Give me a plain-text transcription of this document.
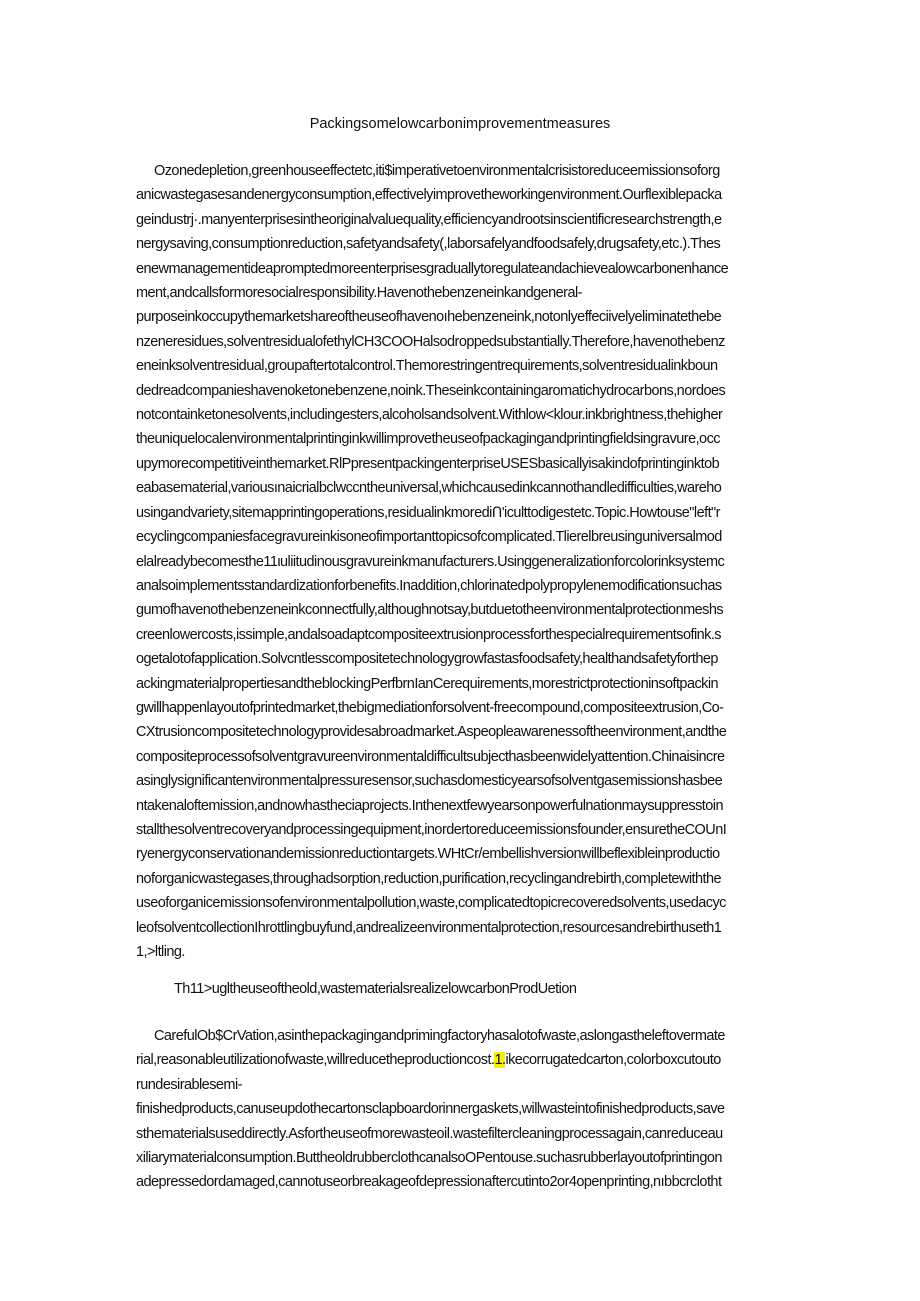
Packingsomelowcarbonimprovementmeasures
Ozonedepletion,greenhouseeffectetc,iti$imperativetoenvironmentalcrisistoreduceemissionsoforg
anicwastegasesandenergyconsumption,effectivelyimprovetheworkingenvironment.Ourflexiblepacka
geindustrj·.manyenterprisesintheoriginalvaluequality,efficiencyandrootsinscientificresearchstrength,e
nergysaving,consumptionreduction,safetyandsafety(,laborsafelyandfoodsafely,drugsafety,etc.).Thes
enewmanagementideapromptedmoreenterprisesgraduallytoregulateandachievealowcarbonenhance
ment,andcallsformoresocialresponsibility.Havenothebenzeneinkandgeneral-
purposeinkoccupythemarketshareoftheuseofhavenoıhebenzeneink,notonlyeffeciivelyeliminatethebe
nzeneresidues,solventresidualofethylCH3COOHalsodroppedsubstantially.Therefore,havenothebenz
eneinksolventresidual,groupaftertotalcontrol.Themorestringentrequirements,solventresidualinkboun
dedreadcompanieshavenoketonebenzene,noink.Theseinkcontainingaromatichydrocarbons,nordoes
notcontainketonesolvents,includingesters,alcoholsandsolvent.Withlow<klour.inkbrightness,thehigher
theuniquelocalenvironmentalprintinginkwillimprovetheuseofpackagingandprintingfieldsingravure,occ
upymorecompetitiveinthemarket.RlPpresentpackingenterpriseUSESbasicallyisakindofprintinginktob
eabasematerial,variousınaicrialbclwccntheuniversal,whichcausedinkcannothandledifficulties,wareho
usingandvariety,sitemapprintingoperations,residualinkmorediՈ'iculttodigestetc.Topic.Howtouse"left"r
ecyclingcompaniesfacegravureinkisoneofimportanttopicsofcomplicated.Tlierelbreusinguniversalmod
elalreadybecomesthe11ιuliitudinousgravureinkmanufacturers.Usinggeneralizationforcolorinksystemc
analsoimplementsstandardizationforbenefits.Inaddition,chlorinatedpolypropylenemodificationsuchas
gumofhavenothebenzeneinkconnectfully,althoughnotsay,butduetotheenvironmentalprotectionmeshs
creenlowercosts,issimple,andalsoadaptcompositeextrusionprocessforthespecialrequirementsofink.s
ogetalotofapplication.Solvcntlesscompositetechnologygrowfastasfoodsafety,healthandsafetyforthep
ackingmaterialpropertiesandtheblockingPerfbrnIanCerequirements,morestrictprotectioninsoftpackin
gwillhappenlayoutofprintedmarket,thebigmediationforsolvent-freecompound,compositeextrusion,Co-
CXtrusioncompositetechnologyprovidesabroadmarket.Aspeopleawarenessoftheenvironment,andthe
compositeprocessofsolventgravureenvironmentaldifficultsubjecthasbeenwidelyattention.Chinaisincre
asinglysignificantenvironmentalpressuresensor,suchasdomesticyearsofsolventgasemissionshasbee
ntakenaloftemission,andnowhastheciaprojects.Inthenextfewyearsonpowerfulnationmaysuppresstoin
stallthesolventrecoveryandprocessingequipment,inordertoreduceemissionsfounder,ensuretheCOUnI
ryenergyconservationandemissionreductiontargets.WHtCr/embellishversionwillbeflexibleinproductio
noforganicwastegases,throughadsorption,reduction,purification,recyclingandrebirth,completewiththe
useoforganicemissionsofenvironmentalpollution,waste,complicatedtopicrecoveredsolvents,usedacyc
leofsolventcollectionIhrottlingbuyfund,andrealizeenvironmentalprotection,resourcesandrebirthuseth1
1,>ltling.
Th11>ugltheuseoftheold,wastematerialsrealizelowcarbonProdUetion
CarefulOb$CrVation,asinthepackagingandprimingfactoryhasalotofwaste,aslongastheleftovermate
rial,reasonableutilizationofwaste,willreducetheproductioncost.1.ikecorrugatedcarton,colorboxcutouto
rundesirablesemi-
finishedproducts,canuseupdothecartonsclapboardorinnergaskets,willwasteintofinishedproducts,save
sthematerialsuseddirectly.Asfortheuseofmorewasteoil.wastefiltercleaningprocessagain,canreduceau
xiliarymaterialconsumption.ButtheoldrubberclothcanalsoOPentouse.suchasrubberlayoutofprintingon
adepressedordamaged,cannotuseorbreakageofdepressionaftercutinto2or4openprinting,nıbbcrclotht
